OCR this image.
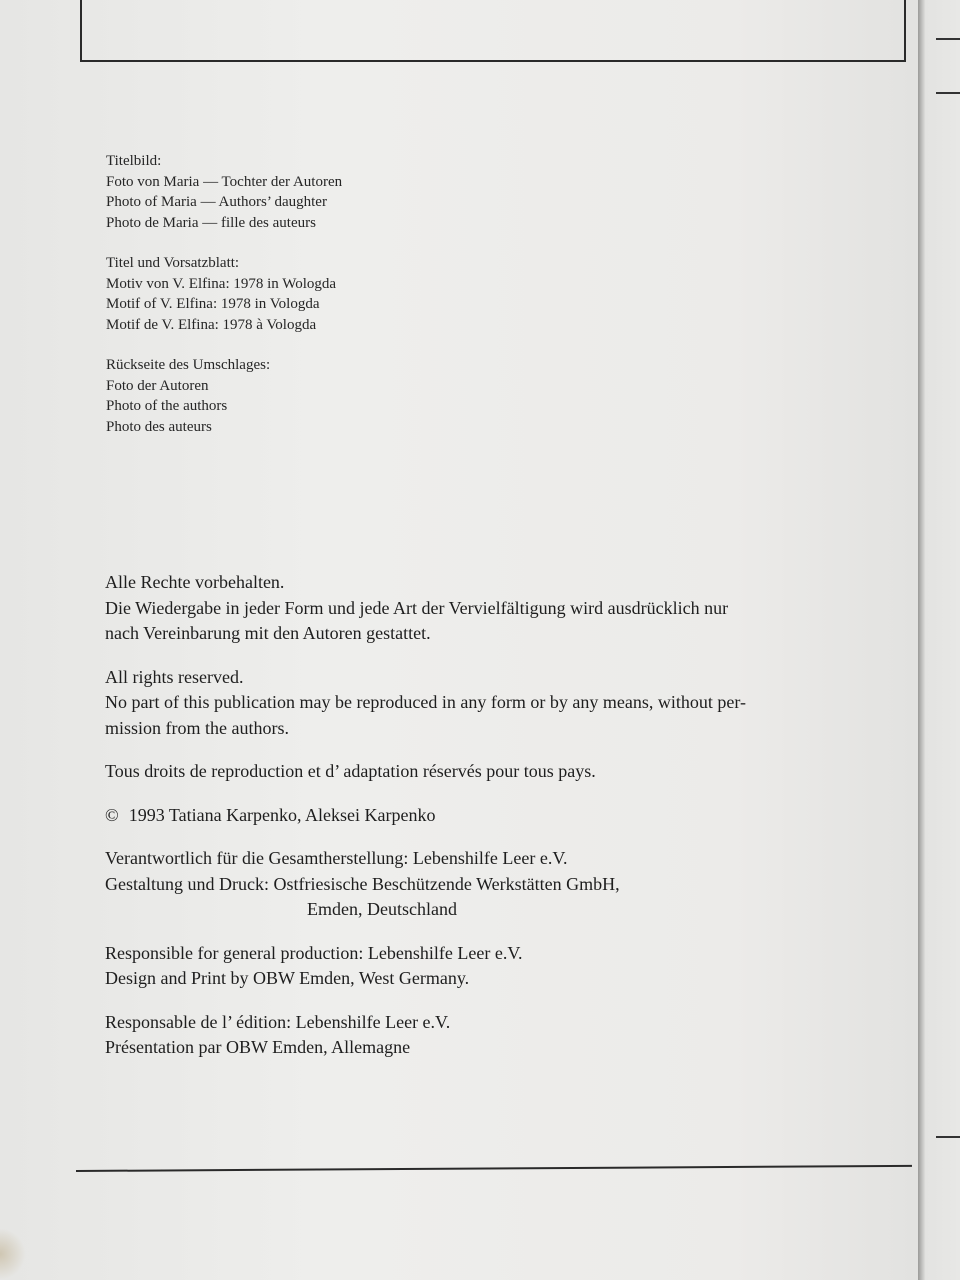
Titelbild:
Foto von Maria — Tochter der Autoren
Photo of Maria — Authors’ daughter
Photo de Maria — fille des auteurs
Titel und Vorsatzblatt:
Motiv von V. Elfina: 1978 in Wologda
Motif of V. Elfina: 1978 in Vologda
Motif de V. Elfina: 1978 à Vologda
Rückseite des Umschlages:
Foto der Autoren
Photo of the authors
Photo des auteurs

Alle Rechte vorbehalten.
Die Wiedergabe in jeder Form und jede Art der Vervielfältigung wird ausdrücklich nur
nach Vereinbarung mit den Autoren gestattet.

All rights reserved.
No part of this publication may be reproduced in any form or by any means, without per-
mission from the authors.

Tous droits de reproduction et d’ adaptation réservés pour tous pays.

© 1993 Tatiana Karpenko, Aleksei Karpenko

Verantwortlich für die Gesamtherstellung: Lebenshilfe Leer e.V.
Gestaltung und Druck: Ostfriesische Beschützende Werkstätten GmbH,
Emden, Deutschland

Responsible for general production: Lebenshilfe Leer e.V.
Design and Print by OBW Emden, West Germany.

Responsable de l’ édition: Lebenshilfe Leer e.V.
Présentation par OBW Emden, Allemagne
